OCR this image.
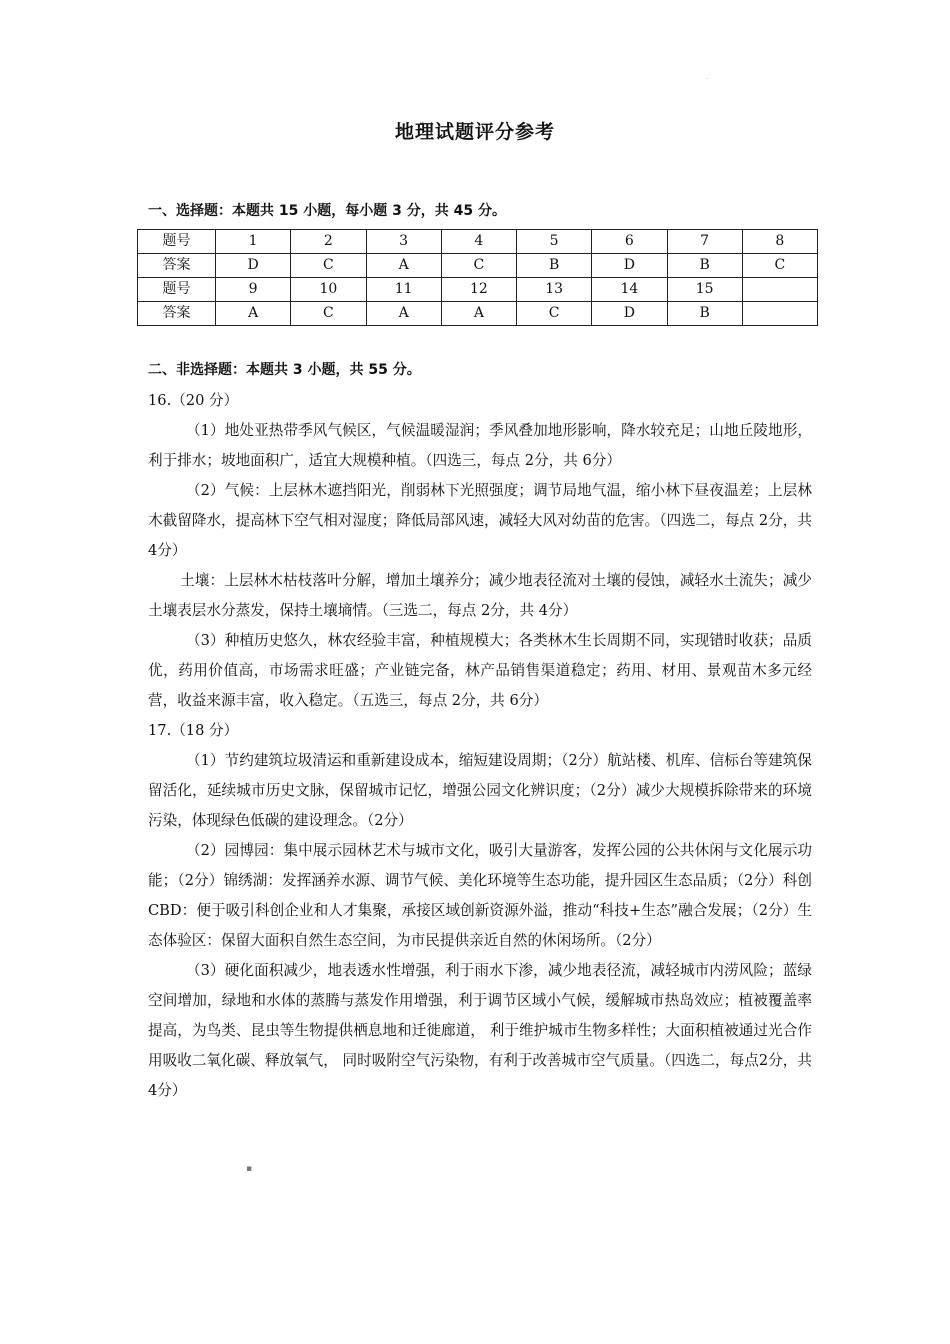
·
地理试题评分参考
一、选择题：本题共 15 小题，每小题 3 分，共 45 分。
题号	1	2	3	4	5	6	7	8
答案	D	C	A	C	B	D	B	C
题号	9	10	11	12	13	14	15	
答案	A	C	A	A	C	D	B	
二、非选择题：本题共 3 小题，共 55 分。

16.（20 分）

（1）地处亚热带季风气候区，气候温暖湿润；季风叠加地形影响，降水较充足；山地丘陵地形，利于排水；坡地面积广，适宜大规模种植。（四选三，每点 2分，共 6分）

（2）气候：上层林木遮挡阳光，削弱林下光照强度；调节局地气温，缩小林下昼夜温差；上层林木截留降水，提高林下空气相对湿度；降低局部风速，减轻大风对幼苗的危害。（四选二，每点 2分，共 4分）

土壤：上层林木枯枝落叶分解，增加土壤养分；减少地表径流对土壤的侵蚀，减轻水土流失；减少土壤表层水分蒸发，保持土壤墒情。（三选二，每点 2分，共 4分）

（3）种植历史悠久，林农经验丰富，种植规模大；各类林木生长周期不同，实现错时收获；品质优，药用价值高，市场需求旺盛；产业链完备，林产品销售渠道稳定；药用、材用、景观苗木多元经营，收益来源丰富，收入稳定。（五选三，每点 2分，共 6分）

17.（18 分）

（1）节约建筑垃圾清运和重新建设成本，缩短建设周期；（2分）航站楼、机库、信标台等建筑保留活化，延续城市历史文脉，保留城市记忆，增强公园文化辨识度；（2分）减少大规模拆除带来的环境污染，体现绿色低碳的建设理念。（2分）

（2）园博园：集中展示园林艺术与城市文化，吸引大量游客，发挥公园的公共休闲与文化展示功能；（2分）锦绣湖：发挥涵养水源、调节气候、美化环境等生态功能，提升园区生态品质；（2分）科创 CBD：便于吸引科创企业和人才集聚，承接区域创新资源外溢，推动“科技+生态”融合发展；（2分）生态体验区：保留大面积自然生态空间，为市民提供亲近自然的休闲场所。（2分）

（3）硬化面积减少，地表透水性增强，利于雨水下渗，减少地表径流，减轻城市内涝风险；蓝绿空间增加，绿地和水体的蒸腾与蒸发作用增强，利于调节区域小气候，缓解城市热岛效应；植被覆盖率提高，为鸟类、昆虫等生物提供栖息地和迁徙廊道， 利于维护城市生物多样性；大面积植被通过光合作用吸收二氧化碳、释放氧气， 同时吸附空气污染物，有利于改善城市空气质量。（四选二，每点2分，共 4分）

▪
